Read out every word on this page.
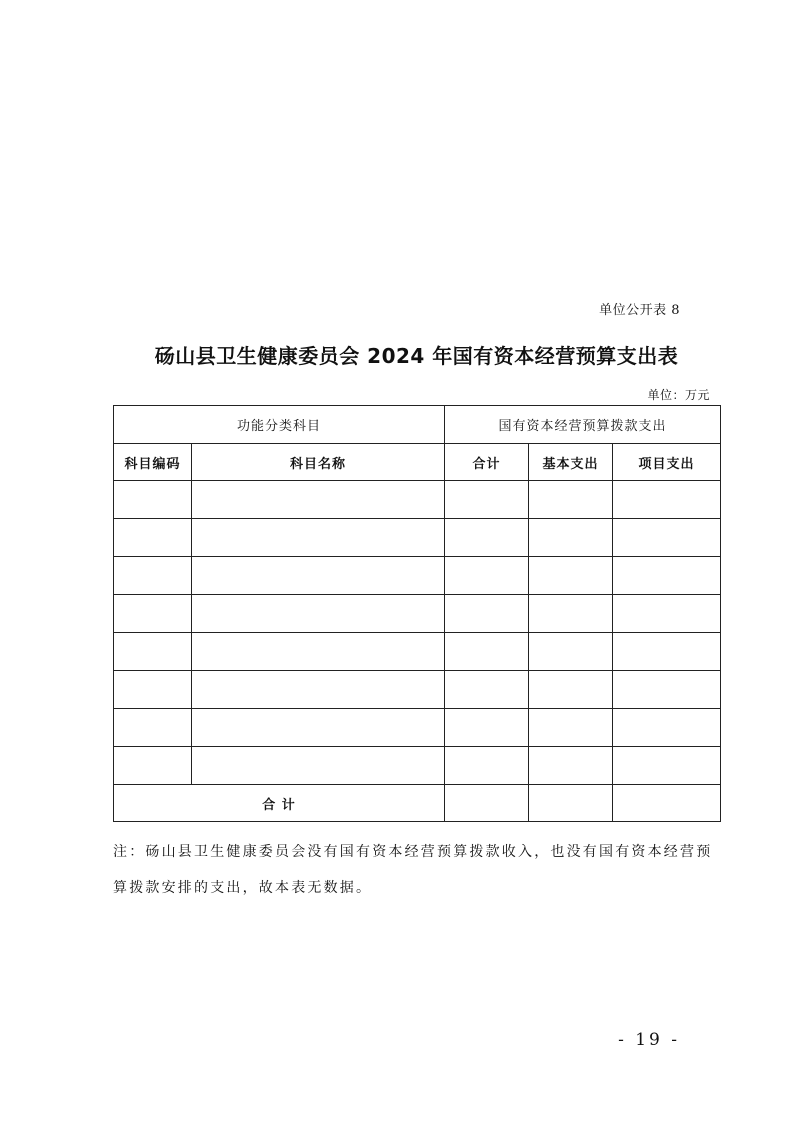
单位公开表 8
砀山县卫生健康委员会 2024 年国有资本经营预算支出表
单位：万元
功能分类科目		国有资本经营预算拨款支出		
科目编码	科目名称	合计	基本支出	项目支出

合 计				
注：砀山县卫生健康委员会没有国有资本经营预算拨款收入，也没有国有资本经营预
算拨款安排的支出，故本表无数据。
- 19 -
